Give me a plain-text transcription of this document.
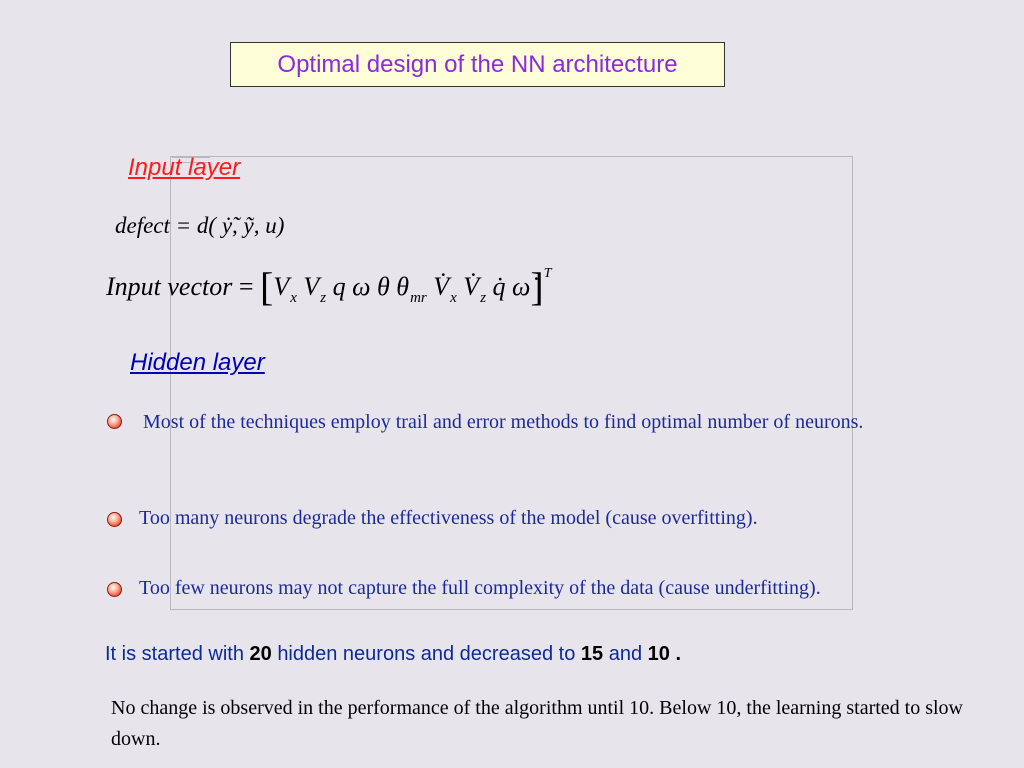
Optimal design of the NN architecture
Input layer
defect = d( ẏ̃, ỹ, u)
Input vector = [$V_x$ $V_z$ q ω θ $\theta_{mr}$ $V̇_x$ $V̇_z$ q̇ ω̇]$^T$
Hidden layer
Most of the techniques employ trail and error methods to find optimal number of neurons.
Too many neurons degrade the effectiveness of the model (cause overfitting).
Too few neurons may not capture the full complexity of the data (cause underfitting).
It is started with 20 hidden neurons and decreased to 15 and 10 .
No change is observed in the performance of the algorithm until 10. Below 10, the learning started to slow down.
